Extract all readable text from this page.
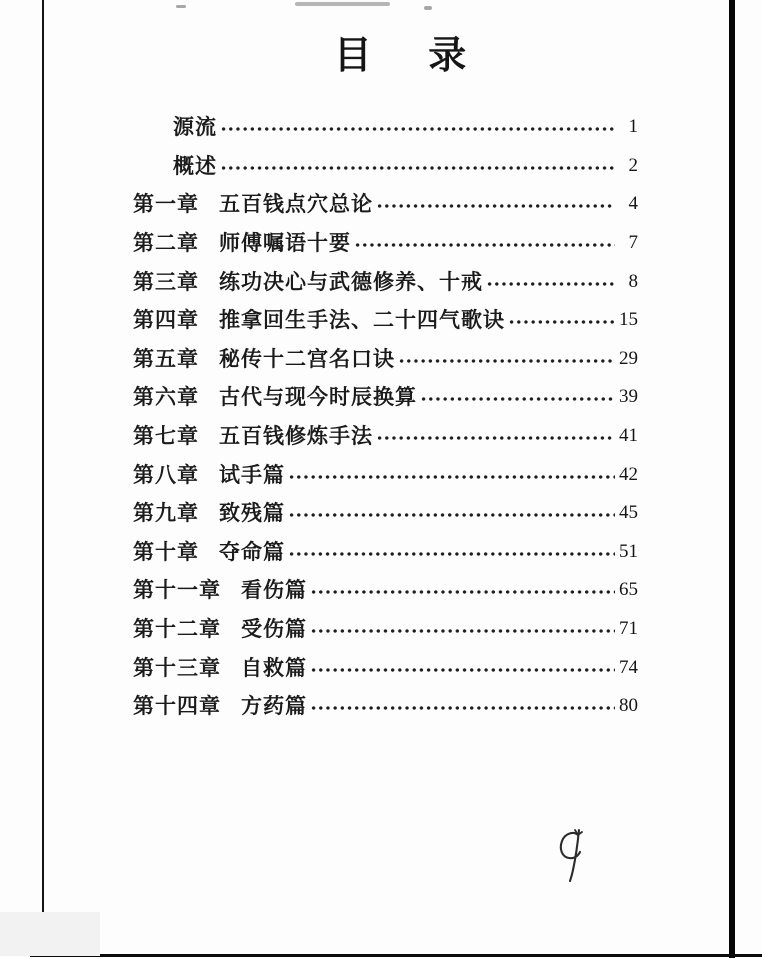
目 录
源流	1
概述	2
第一章 五百钱点穴总论	4
第二章 师傅嘱语十要	7
第三章 练功决心与武德修养、十戒	8
第四章 推拿回生手法、二十四气歌诀	15
第五章 秘传十二宫名口诀	29
第六章 古代与现今时辰换算	39
第七章 五百钱修炼手法	41
第八章 试手篇	42
第九章 致残篇	45
第十章 夺命篇	51
第十一章 看伤篇	65
第十二章 受伤篇	71
第十三章 自救篇	74
第十四章 方药篇	80
